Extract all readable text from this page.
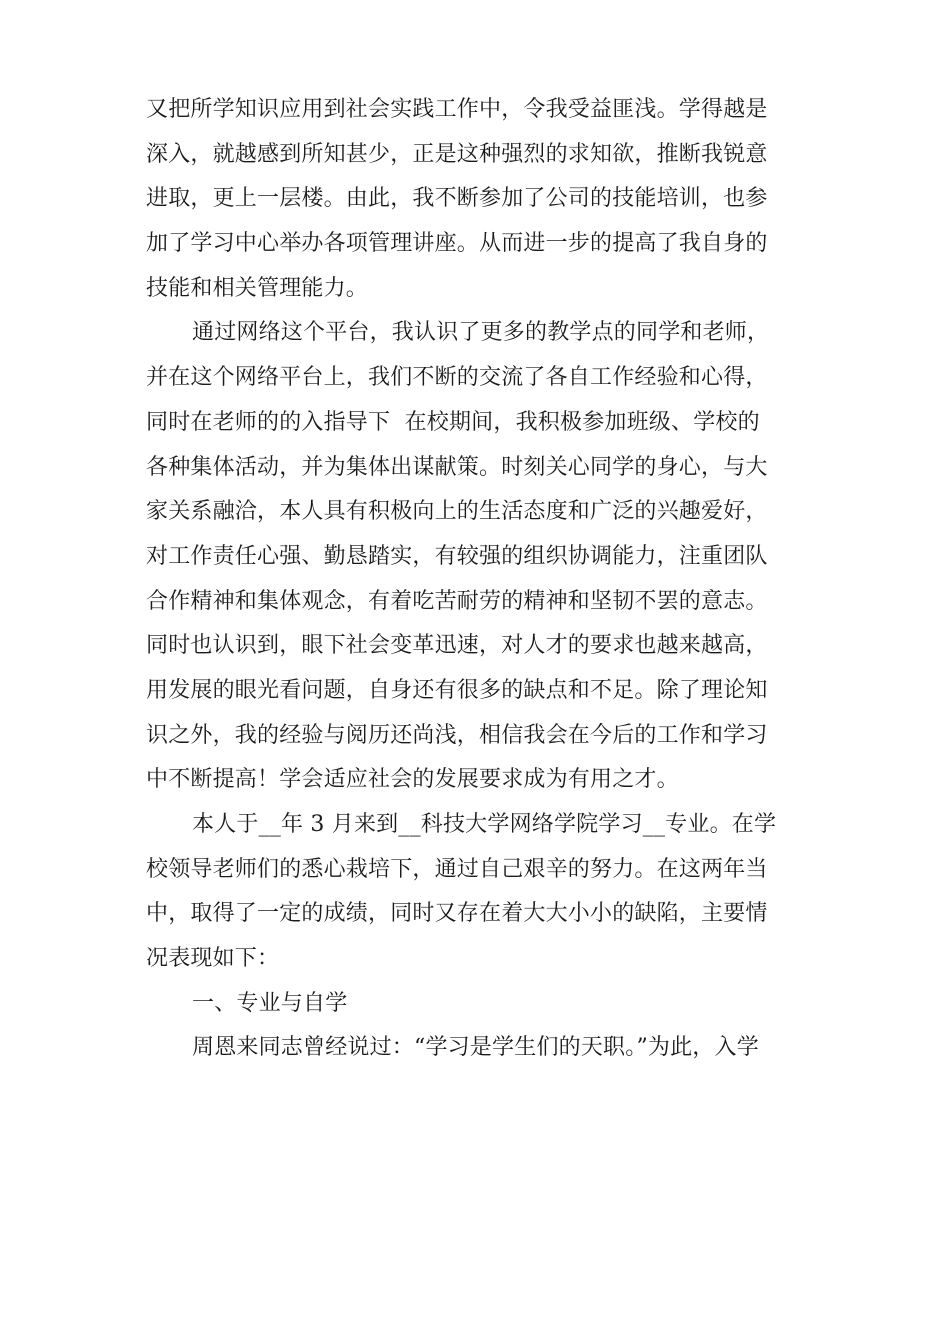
又把所学知识应用到社会实践工作中，令我受益匪浅。学得越是
深入，就越感到所知甚少，正是这种强烈的求知欲，推断我锐意
进取，更上一层楼。由此，我不断参加了公司的技能培训，也参
加了学习中心举办各项管理讲座。从而进一步的提高了我自身的
技能和相关管理能力。
通过网络这个平台，我认识了更多的教学点的同学和老师，
并在这个网络平台上，我们不断的交流了各自工作经验和心得，
同时在老师的的入指导下  在校期间，我积极参加班级、学校的
各种集体活动，并为集体出谋献策。时刻关心同学的身心，与大
家关系融洽，本人具有积极向上的生活态度和广泛的兴趣爱好，
对工作责任心强、勤恳踏实，有较强的组织协调能力，注重团队
合作精神和集体观念，有着吃苦耐劳的精神和坚韧不罢的意志。
同时也认识到，眼下社会变革迅速，对人才的要求也越来越高，
用发展的眼光看问题，自身还有很多的缺点和不足。除了理论知
识之外，我的经验与阅历还尚浅，相信我会在今后的工作和学习
中不断提高！学会适应社会的发展要求成为有用之才。
本人于__年 3 月来到__科技大学网络学院学习__专业。在学
校领导老师们的悉心栽培下，通过自己艰辛的努力。在这两年当
中，取得了一定的成绩，同时又存在着大大小小的缺陷，主要情
况表现如下：
一、专业与自学
周恩来同志曾经说过：“学习是学生们的天职。”为此，入学
